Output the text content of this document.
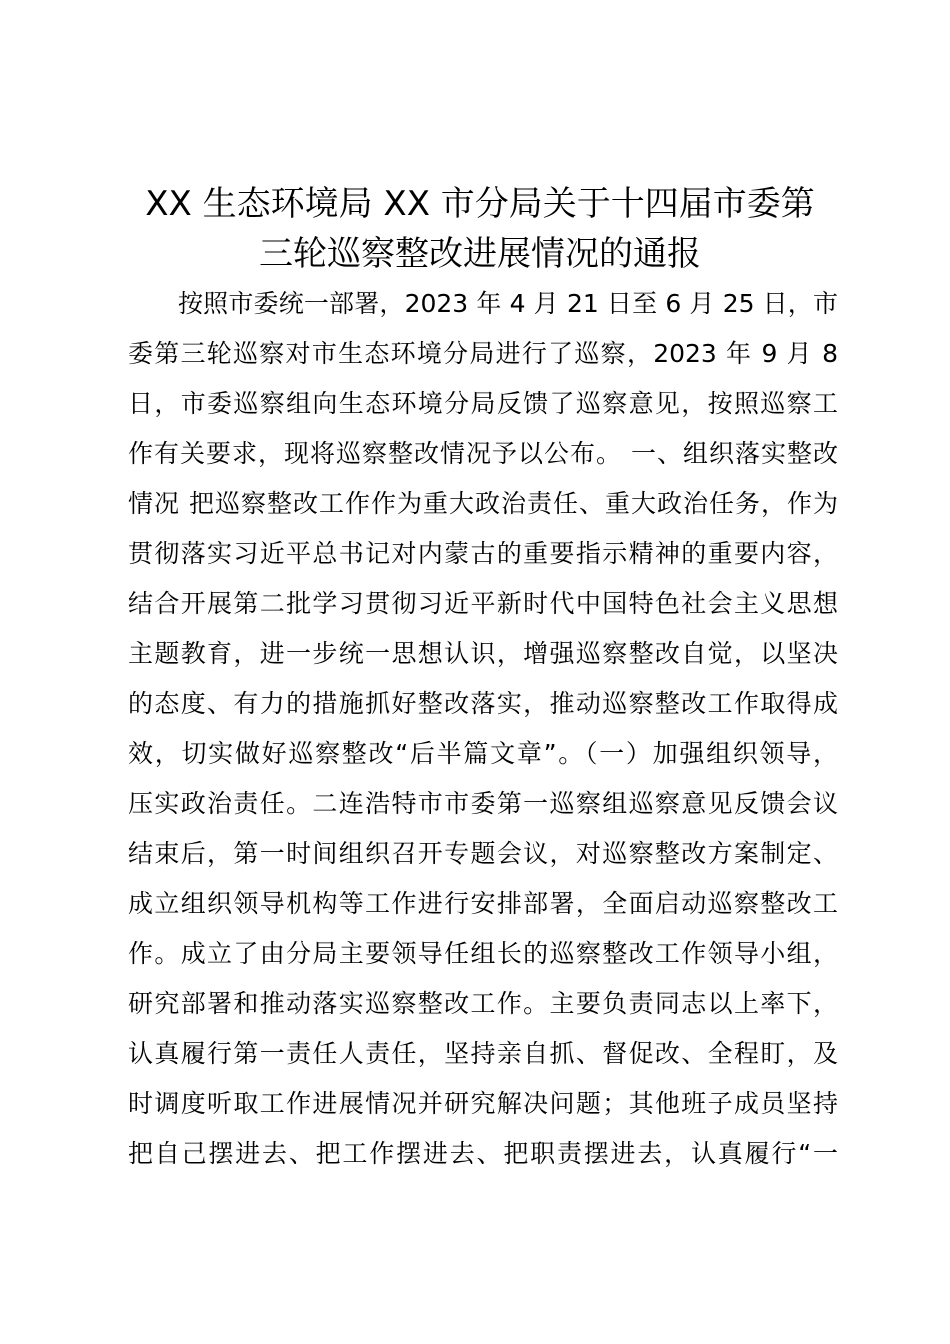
XX 生态环境局 XX 市分局关于十四届市委第
三轮巡察整改进展情况的通报
按照市委统一部署，2023 年 4 月 21 日至 6 月 25 日，市
委第三轮巡察对市生态环境分局进行了巡察，2023 年 9 月 8
日，市委巡察组向生态环境分局反馈了巡察意见，按照巡察工
作有关要求，现将巡察整改情况予以公布。 一、组织落实整改
情况 把巡察整改工作作为重大政治责任、重大政治任务，作为
贯彻落实习近平总书记对内蒙古的重要指示精神的重要内容，
结合开展第二批学习贯彻习近平新时代中国特色社会主义思想
主题教育，进一步统一思想认识，增强巡察整改自觉，以坚决
的态度、有力的措施抓好整改落实，推动巡察整改工作取得成
效，切实做好巡察整改“后半篇文章”。（一）加强组织领导，
压实政治责任。二连浩特市市委第一巡察组巡察意见反馈会议
结束后，第一时间组织召开专题会议，对巡察整改方案制定、
成立组织领导机构等工作进行安排部署，全面启动巡察整改工
作。成立了由分局主要领导任组长的巡察整改工作领导小组，
研究部署和推动落实巡察整改工作。主要负责同志以上率下，
认真履行第一责任人责任，坚持亲自抓、督促改、全程盯，及
时调度听取工作进展情况并研究解决问题；其他班子成员坚持
把自己摆进去、把工作摆进去、把职责摆进去，认真履行“一
